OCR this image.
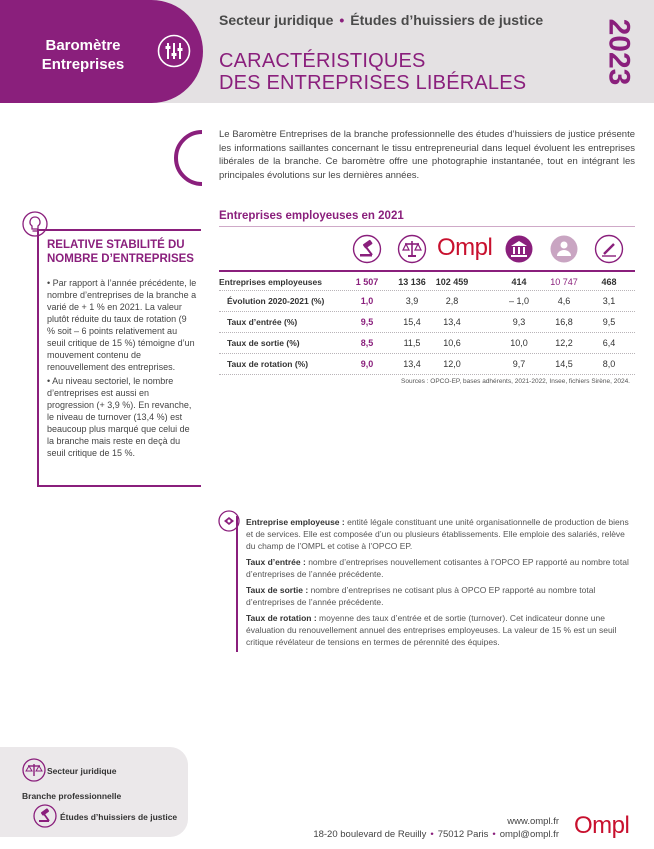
Baromètre
Entreprises
Secteur juridique • Études d’huissiers de justice
CARACTÉRISTIQUES
DES ENTREPRISES LIBÉRALES	2023

Le Baromètre Entreprises de la branche professionnelle des études d’huissiers de justice présente les informations saillantes concernant le tissu entrepreneurial dans lequel évoluent les entreprises libérales de la branche. Ce baromètre offre une photographie instantanée, tout en intégrant les principales évolutions sur les dernières années.

RELATIVE STABILITÉ DU
NOMBRE D’ENTREPRISES

• Par rapport à l’année précédente, le nombre d’entreprises de la branche a varié de + 1 % en 2021. La valeur plutôt réduite du taux de rotation (9 % soit – 6 points relativement au seuil critique de 15 %) témoigne d’un mouvement contenu de renouvellement des entreprises.

• Au niveau sectoriel, le nombre d’entreprises est aussi en progression (+ 3,9 %). En revanche, le niveau de turnover (13,4 %) est beaucoup plus marqué que celui de la branche mais reste en deçà du seuil critique de 15 %.

Entreprises employeuses en 2021
Ompl
Entreprises employeuses	1 507	13 136	102 459	414	10 747	468
Évolution 2020-2021 (%)	1,0	3,9	2,8	– 1,0	4,6	3,1
Taux d’entrée (%)	9,5	15,4	13,4	9,3	16,8	9,5
Taux de sortie (%)	8,5	11,5	10,6	10,0	12,2	6,4
Taux de rotation (%)	9,0	13,4	12,0	9,7	14,5	8,0
Sources : OPCO-EP, bases adhérents, 2021-2022, Insee, fichiers Sirène, 2024.

Entreprise employeuse : entité légale constituant une unité organisationnelle de production de biens et de services. Elle est composée d’un ou plusieurs établissements. Elle emploie des salariés, relève du champ de l’OMPL et cotise à l’OPCO EP.

Taux d’entrée : nombre d’entreprises nouvellement cotisantes à l’OPCO EP rapporté au nombre total d’entreprises de l’année précédente.

Taux de sortie : nombre d’entreprises ne cotisant plus à OPCO EP rapporté au nombre total d’entreprises de l’année précédente.

Taux de rotation : moyenne des taux d’entrée et de sortie (turnover). Cet indicateur donne une évaluation du renouvellement annuel des entreprises employeuses. La valeur de 15 % est un seuil critique révélateur de tensions en termes de pérennité des équipes.

Secteur juridique
Branche professionnelle
Études d’huissiers de justice	www.ompl.fr
18-20 boulevard de Reuilly • 75012 Paris • ompl@ompl.fr Ompl
